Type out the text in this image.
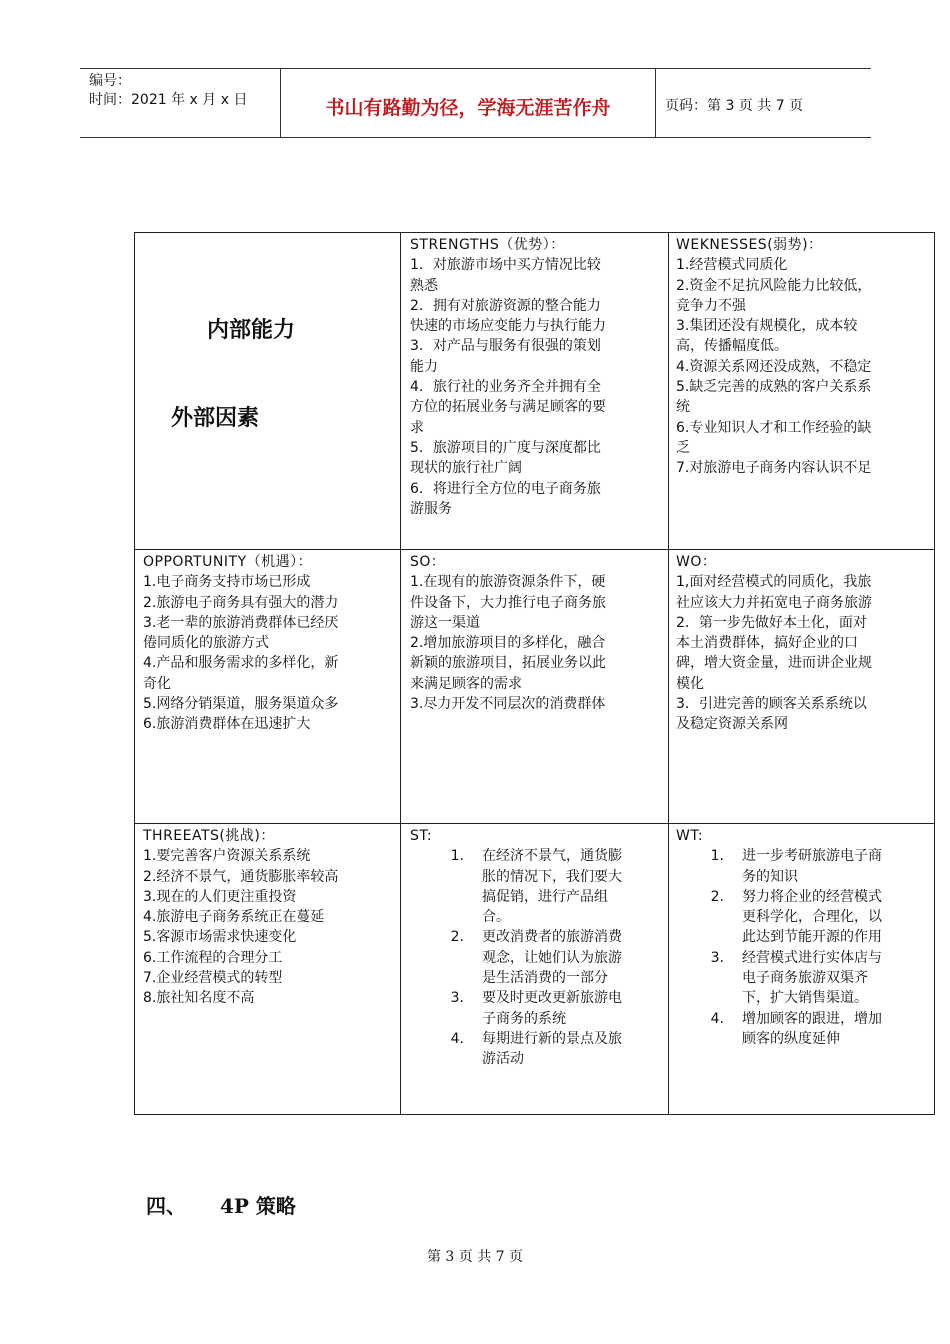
编号：
时间：2021 年 x 月 x 日	书山有路勤为径，学海无涯苦作舟	页码：第 3 页 共 7 页
内部能力
外部因素
STRENGTHS（优势）：
1．对旅游市场中买方情况比较
熟悉
2．拥有对旅游资源的整合能力
快速的市场应变能力与执行能力
3．对产品与服务有很强的策划
能力
4．旅行社的业务齐全并拥有全
方位的拓展业务与满足顾客的要
求
5．旅游项目的广度与深度都比
现状的旅行社广阔
6．将进行全方位的电子商务旅
游服务
WEKNESSES(弱势)：
1.经营模式同质化
2.资金不足抗风险能力比较低，
竞争力不强
3.集团还没有规模化，成本较
高，传播幅度低。
4.资源关系网还没成熟，不稳定
5.缺乏完善的成熟的客户关系系
统
6.专业知识人才和工作经验的缺
乏
7.对旅游电子商务内容认识不足
OPPORTUNITY（机遇）：
1.电子商务支持市场已形成
2.旅游电子商务具有强大的潜力
3.老一辈的旅游消费群体已经厌
倦同质化的旅游方式
4.产品和服务需求的多样化，新
奇化
5.网络分销渠道，服务渠道众多
6.旅游消费群体在迅速扩大
SO：
1.在现有的旅游资源条件下，硬
件设备下，大力推行电子商务旅
游这一渠道
2.增加旅游项目的多样化，融合
新颖的旅游项目，拓展业务以此
来满足顾客的需求
3.尽力开发不同层次的消费群体
WO：
1,面对经营模式的同质化，我旅
社应该大力并拓宽电子商务旅游
2．第一步先做好本土化，面对
本土消费群体，搞好企业的口
碑，增大资金量，进而讲企业规
模化
3．引进完善的顾客关系系统以
及稳定资源关系网
THREEATS(挑战)：
1.要完善客户资源关系系统
2.经济不景气，通货膨胀率较高
3.现在的人们更注重投资
4.旅游电子商务系统正在蔓延
5.客源市场需求快速变化
6.工作流程的合理分工
7.企业经营模式的转型
8.旅社知名度不高
ST:
1. 在经济不景气，通货膨
胀的情况下，我们要大
搞促销，进行产品组
合。
2. 更改消费者的旅游消费
观念，让她们认为旅游
是生活消费的一部分
3. 要及时更改更新旅游电
子商务的系统
4. 每期进行新的景点及旅
游活动
WT:
1. 进一步考研旅游电子商
务的知识
2. 努力将企业的经营模式
更科学化，合理化，以
此达到节能开源的作用
3. 经营模式进行实体店与
电子商务旅游双渠齐
下，扩大销售渠道。
4. 增加顾客的跟进，增加
顾客的纵度延伸
四、 4P 策略
第 3 页 共 7 页
